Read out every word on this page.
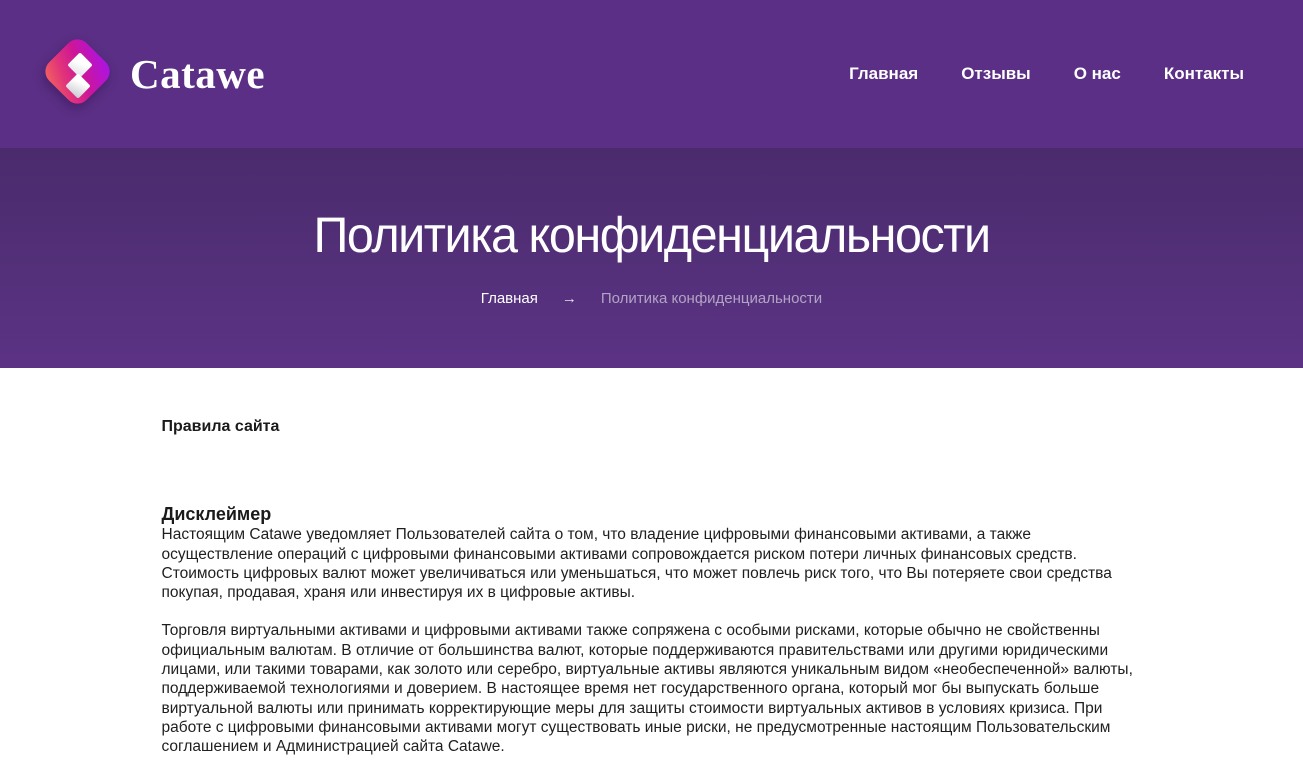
Catawe	Главная	Отзывы	О нас	Контакты
Политика конфиденциальности
Главная → Политика конфиденциальности
Правила сайта

Дисклеймер
Настоящим Catawe уведомляет Пользователей сайта о том, что владение цифровыми финансовыми активами, а также осуществление операций с цифровыми финансовыми активами сопровождается риском потери личных финансовых средств. Стоимость цифровых валют может увеличиваться или уменьшаться, что может повлечь риск того, что Вы потеряете свои средства покупая, продавая, храня или инвестируя их в цифровые активы.

Торговля виртуальными активами и цифровыми активами также сопряжена с особыми рисками, которые обычно не свойственны официальным валютам. В отличие от большинства валют, которые поддерживаются правительствами или другими юридическими лицами, или такими товарами, как золото или серебро, виртуальные активы являются уникальным видом «необеспеченной» валюты, поддерживаемой технологиями и доверием. В настоящее время нет государственного органа, который мог бы выпускать больше виртуальной валюты или принимать корректирующие меры для защиты стоимости виртуальных активов в условиях кризиса. При работе с цифровыми финансовыми активами могут существовать иные риски, не предусмотренные настоящим Пользовательским соглашением и Администрацией сайта Catawe.
